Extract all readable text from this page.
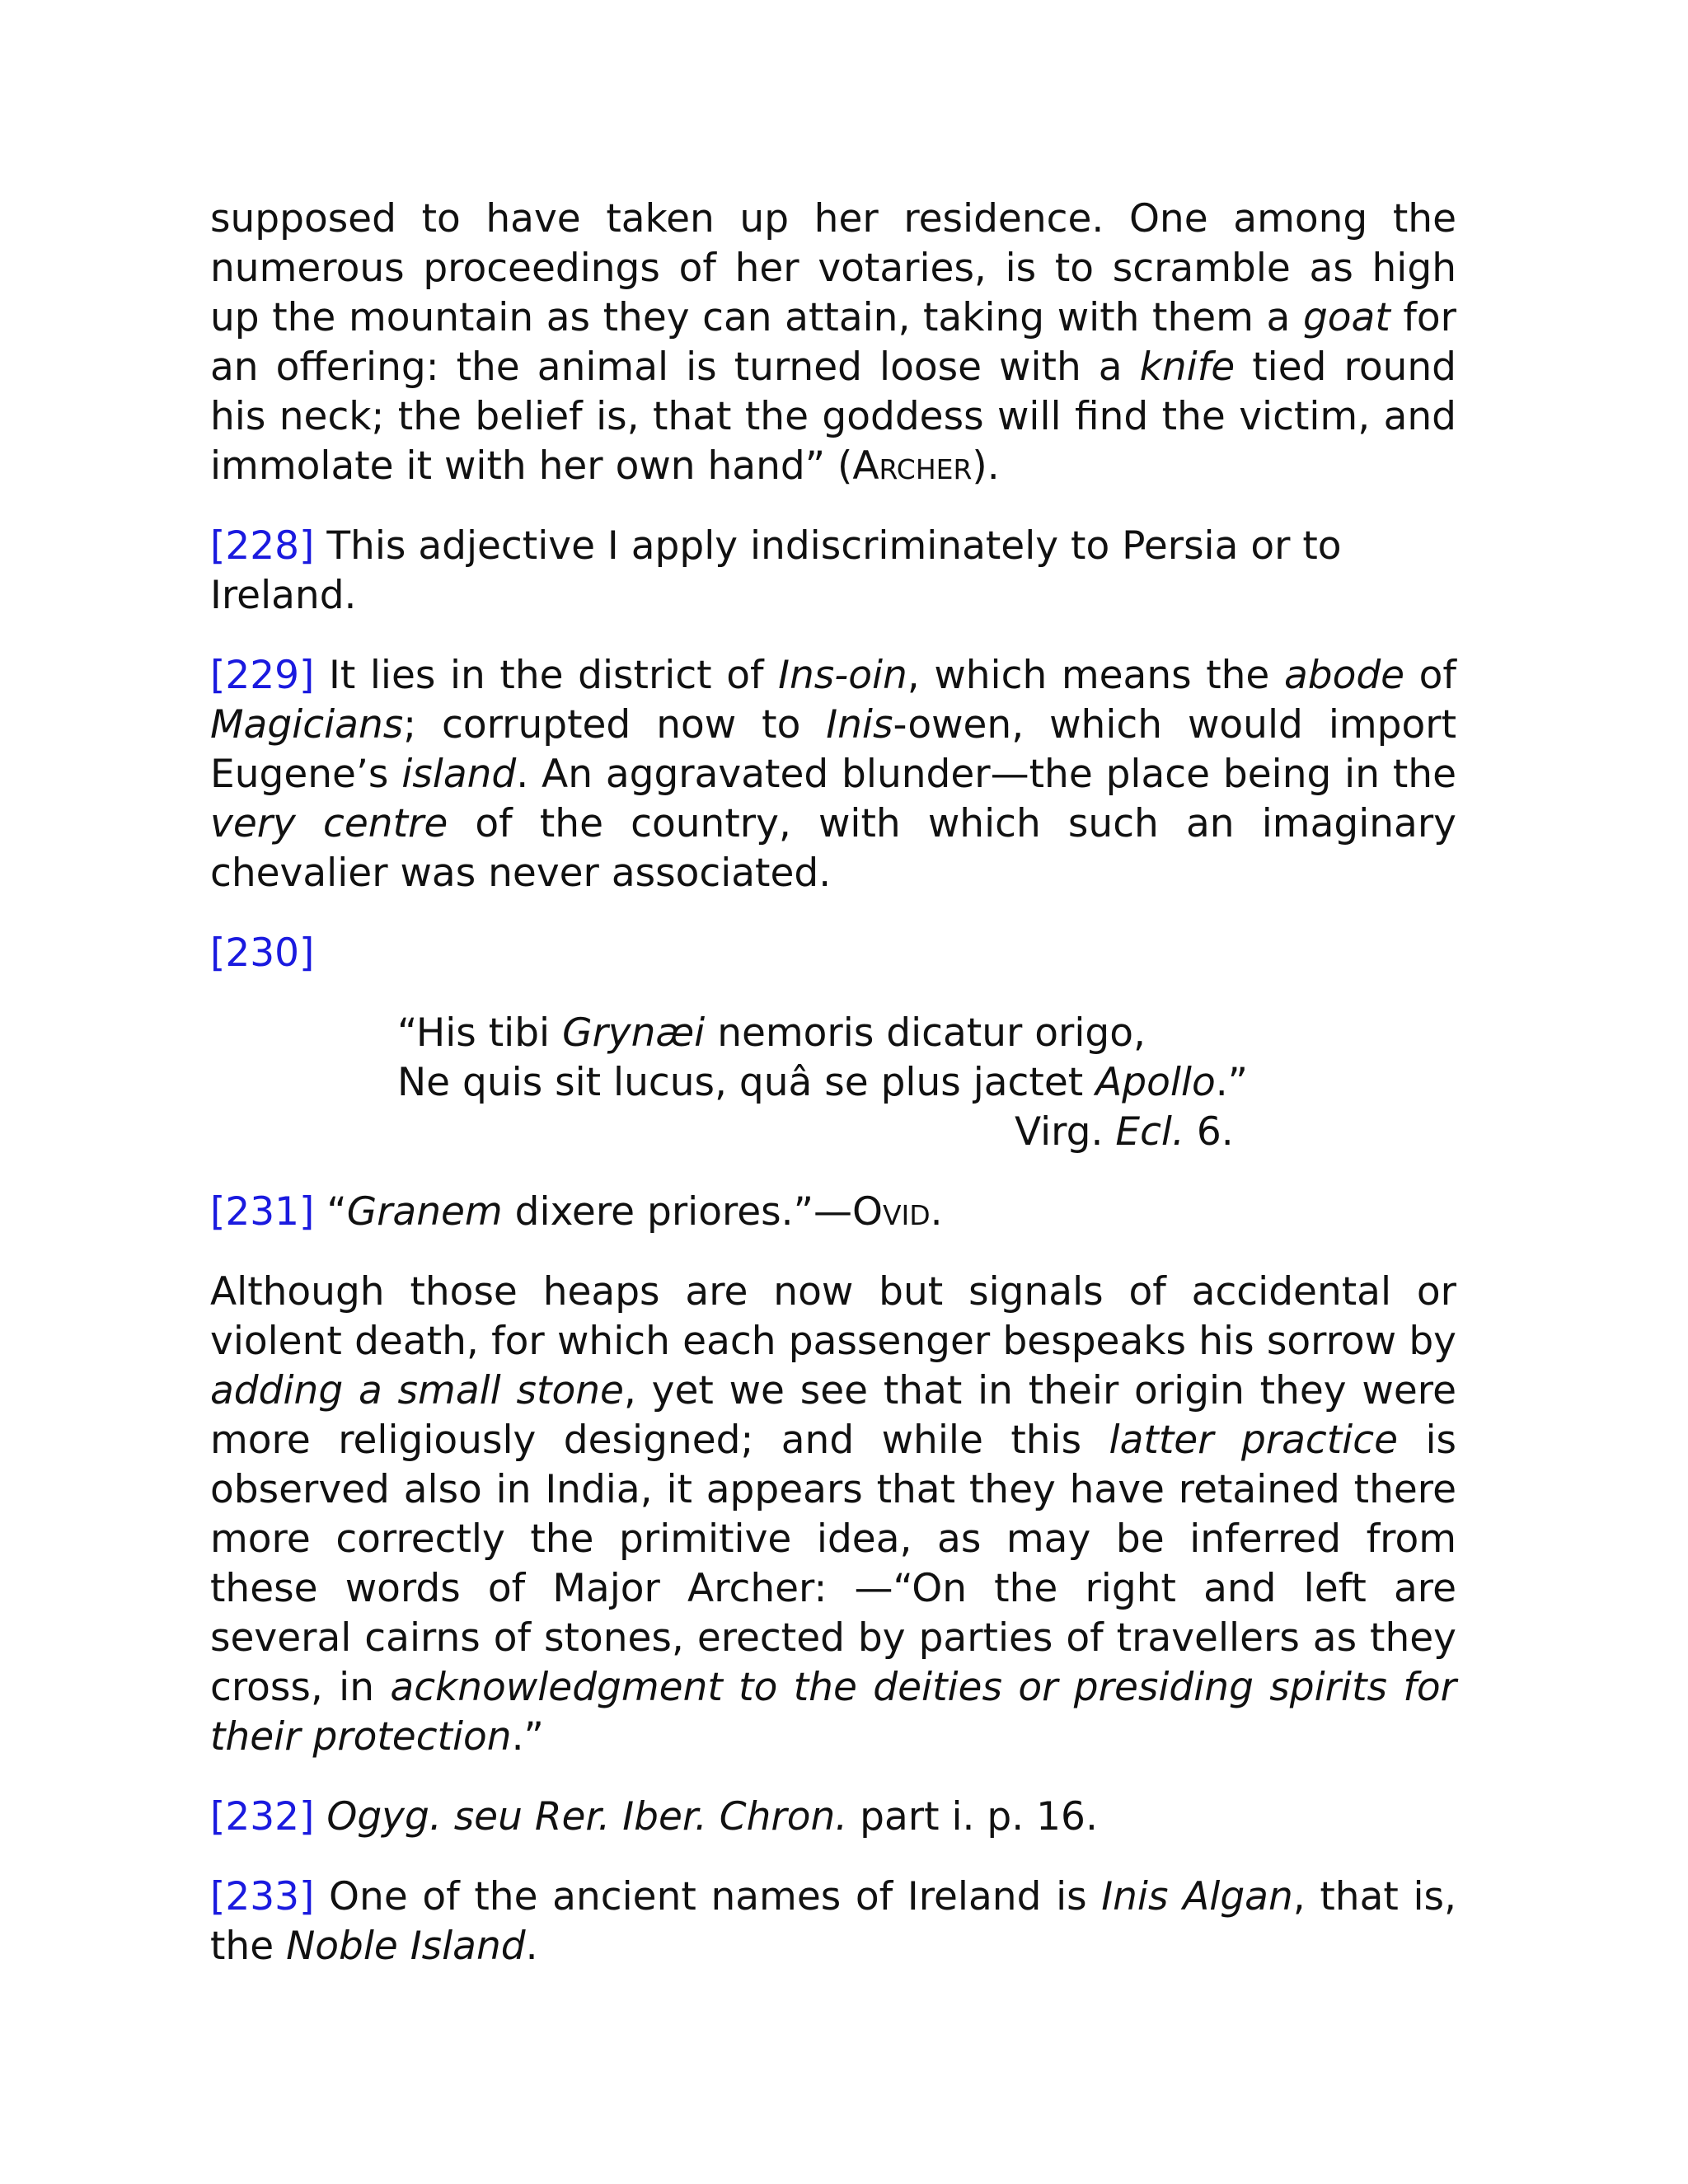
supposed to have taken up her residence. One among the numerous proceedings of her votaries, is to scramble as high up the mountain as they can attain, taking with them a goat for an offering: the animal is turned loose with a knife tied round his neck; the belief is, that the goddess will find the victim, and immolate it with her own hand” (Archer).

[228] This adjective I apply indiscriminately to Persia or to Ireland.

[229] It lies in the district of Ins-oin, which means the abode of Magicians; corrupted now to Inis-owen, which would import Eugene’s island. An aggravated blunder—the place being in the very centre of the country, with which such an imaginary chevalier was never associated.

[230]

“His tibi Grynæi nemoris dicatur origo,
Ne quis sit lucus, quâ se plus jactet Apollo.”
Virg. Ecl. 6.

[231] “Granem dixere priores.”—Ovid.

Although those heaps are now but signals of accidental or violent death, for which each passenger bespeaks his sorrow by adding a small stone, yet we see that in their origin they were more religiously designed; and while this latter practice is observed also in India, it appears that they have retained there more correctly the primitive idea, as may be inferred from these words of Major Archer: —“On the right and left are several cairns of stones, erected by parties of travellers as they cross, in acknowledgment to the deities or presiding spirits for their protection.”

[232] Ogyg. seu Rer. Iber. Chron. part i. p. 16.

[233] One of the ancient names of Ireland is Inis Algan, that is, the Noble Island.
